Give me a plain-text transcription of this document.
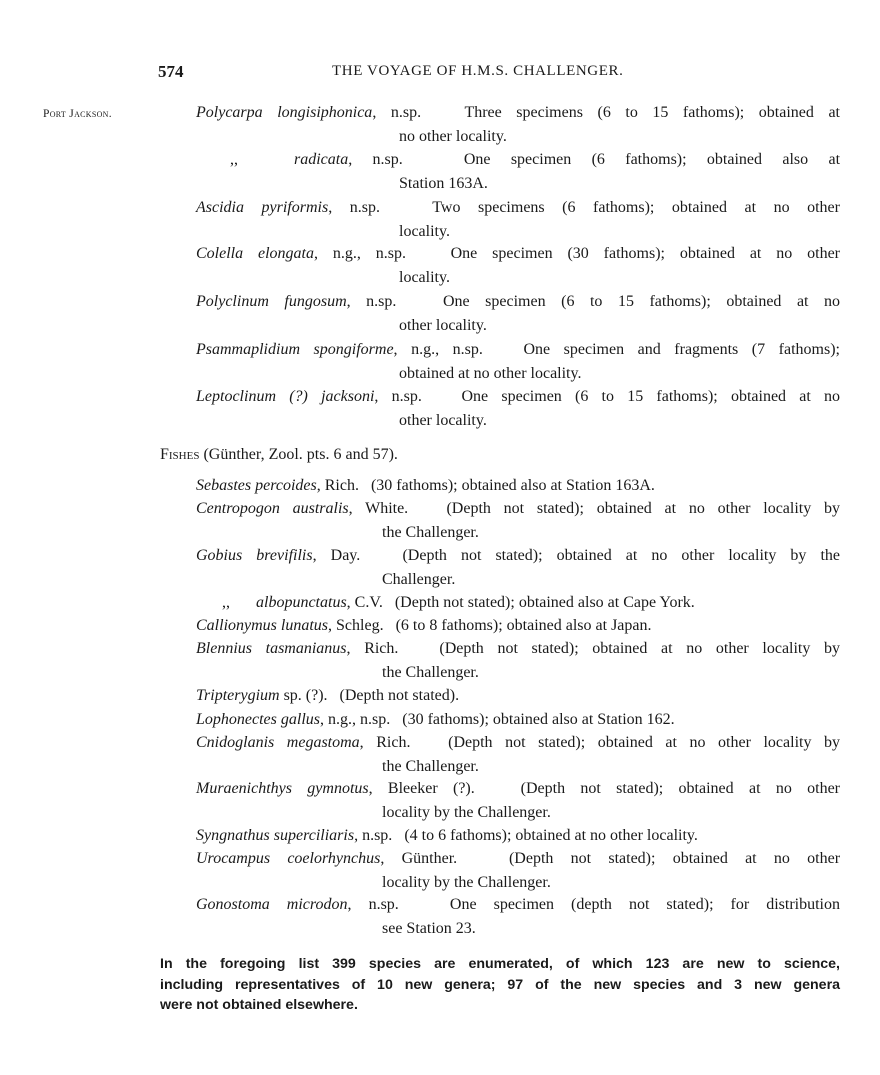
574	THE VOYAGE OF H.M.S. CHALLENGER.
Port Jackson.	Polycarpa longisiphonica, n.sp.	Three specimens (6 to 15 fathoms); obtained at
no other locality.
,,	radicata, n.sp.	One specimen (6 fathoms); obtained also at
Station 163A.
Ascidia pyriformis, n.sp.	Two specimens (6 fathoms); obtained at no other
locality.
Colella elongata, n.g., n.sp.	One specimen (30 fathoms); obtained at no other
locality.
Polyclinum fungosum, n.sp.	One specimen (6 to 15 fathoms); obtained at no
other locality.
Psammaplidium spongiforme, n.g., n.sp.	One specimen and fragments (7 fathoms);
obtained at no other locality.
Leptoclinum (?) jacksoni, n.sp. One specimen (6 to 15 fathoms); obtained at no
other locality.
Fishes (Günther, Zool. pts. 6 and 57).
Sebastes percoides, Rich. (30 fathoms); obtained also at Station 163A.
Centropogon australis, White. (Depth not stated); obtained at no other locality by
the Challenger.
Gobius brevifilis, Day.	(Depth not stated); obtained at no other locality by the
Challenger.
,, albopunctatus, C.V. (Depth not stated); obtained also at Cape York.
Callionymus lunatus, Schleg. (6 to 8 fathoms); obtained also at Japan.
Blennius tasmanianus, Rich.	(Depth not stated); obtained at no other locality by
the Challenger.
Tripterygium sp. (?). (Depth not stated).
Lophonectes gallus, n.g., n.sp. (30 fathoms); obtained also at Station 162.
Cnidoglanis megastoma, Rich. (Depth not stated); obtained at no other locality by
the Challenger.
Muraenichthys gymnotus, Bleeker (?).	(Depth not stated); obtained at no other
locality by the Challenger.
Syngnathus superciliaris, n.sp. (4 to 6 fathoms); obtained at no other locality.
Urocampus coelorhynchus, Günther.	(Depth not stated); obtained at no other
locality by the Challenger.
Gonostoma microdon, n.sp.	One specimen (depth not stated); for distribution
see Station 23.
In the foregoing list 399 species are enumerated, of which 123 are new to science,
including representatives of 10 new genera; 97 of the new species and 3 new genera
were not obtained elsewhere.
